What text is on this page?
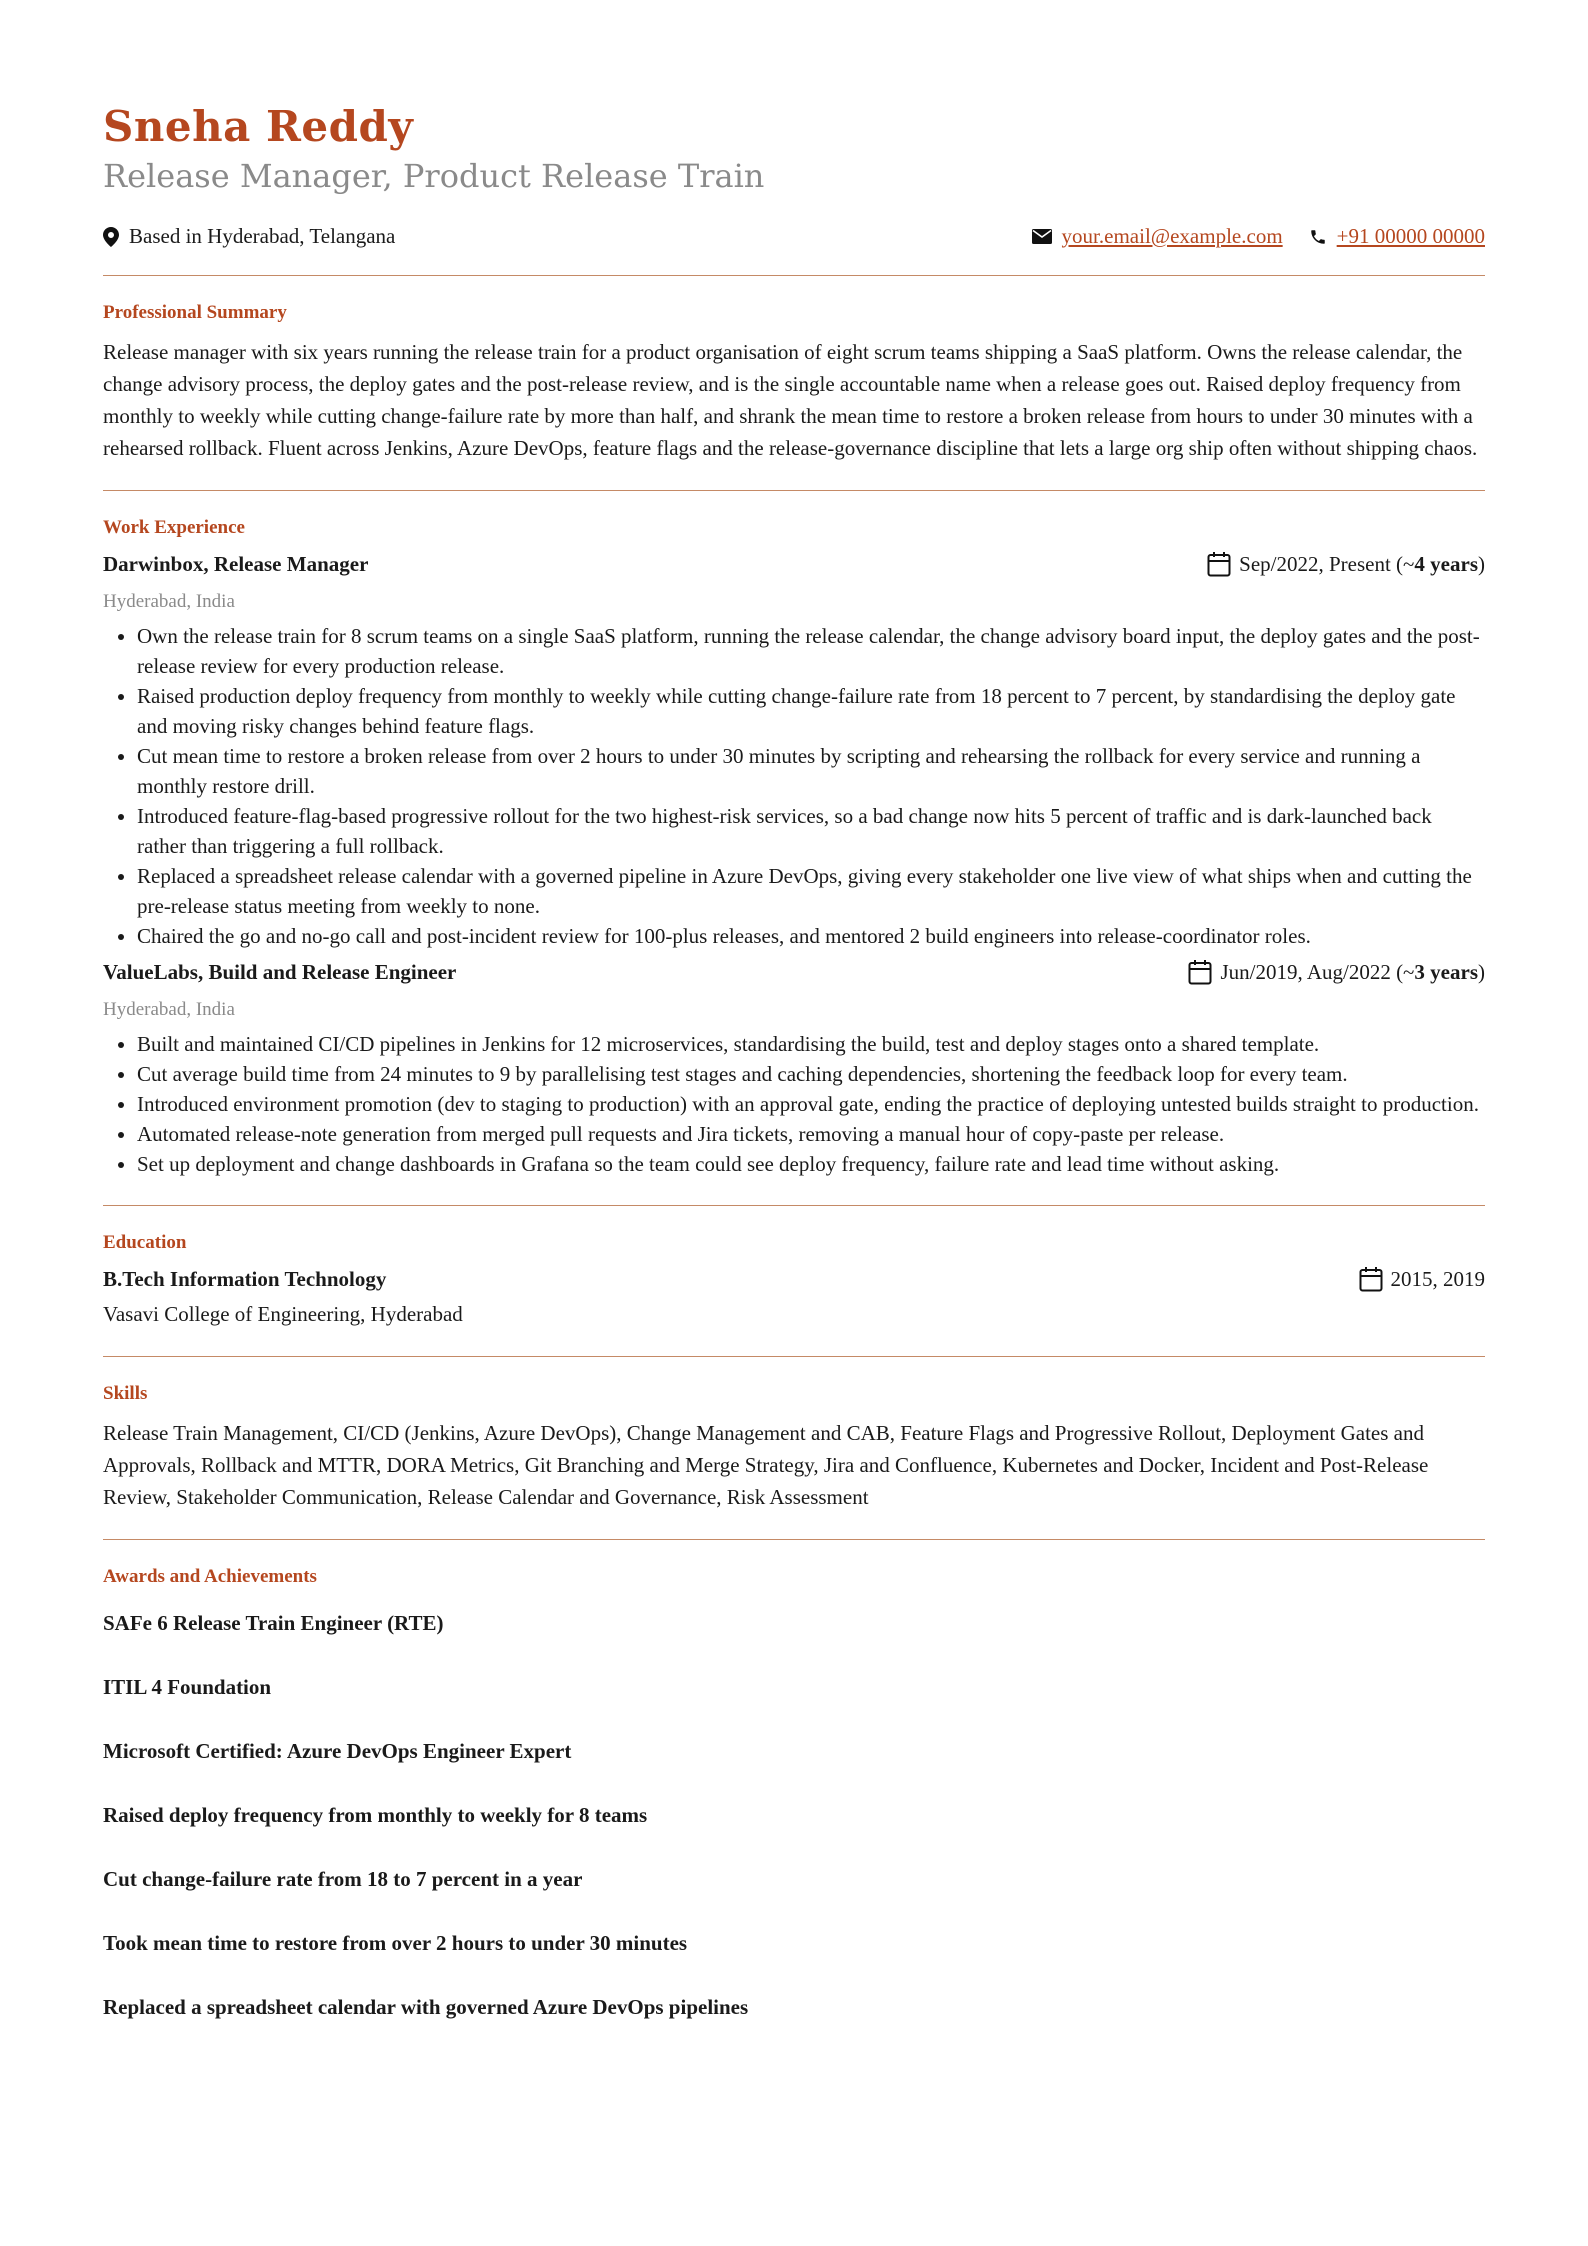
Sneha Reddy
Release Manager, Product Release Train
Based in Hyderabad, Telangana	your.email@example.com	+91 00000 00000
Professional Summary

Release manager with six years running the release train for a product organisation of eight scrum teams shipping a SaaS platform. Owns the release calendar, the change advisory process, the deploy gates and the post-release review, and is the single accountable name when a release goes out. Raised deploy frequency from monthly to weekly while cutting change-failure rate by more than half, and shrank the mean time to restore a broken release from hours to under 30 minutes with a rehearsed rollback. Fluent across Jenkins, Azure DevOps, feature flags and the release-governance discipline that lets a large org ship often without shipping chaos.

Work Experience
Darwinbox, Release Manager	Sep/2022, Present (~ 4 years )
Hyderabad, India
• Own the release train for 8 scrum teams on a single SaaS platform, running the release calendar, the change advisory board input, the deploy gates and the post-release review for every production release.
• Raised production deploy frequency from monthly to weekly while cutting change-failure rate from 18 percent to 7 percent, by standardising the deploy gate and moving risky changes behind feature flags.
• Cut mean time to restore a broken release from over 2 hours to under 30 minutes by scripting and rehearsing the rollback for every service and running a monthly restore drill.
• Introduced feature-flag-based progressive rollout for the two highest-risk services, so a bad change now hits 5 percent of traffic and is dark-launched back rather than triggering a full rollback.
• Replaced a spreadsheet release calendar with a governed pipeline in Azure DevOps, giving every stakeholder one live view of what ships when and cutting the pre-release status meeting from weekly to none.
• Chaired the go and no-go call and post-incident review for 100-plus releases, and mentored 2 build engineers into release-coordinator roles.
ValueLabs, Build and Release Engineer	Jun/2019, Aug/2022 (~ 3 years )
Hyderabad, India
• Built and maintained CI/CD pipelines in Jenkins for 12 microservices, standardising the build, test and deploy stages onto a shared template.
• Cut average build time from 24 minutes to 9 by parallelising test stages and caching dependencies, shortening the feedback loop for every team.
• Introduced environment promotion (dev to staging to production) with an approval gate, ending the practice of deploying untested builds straight to production.
• Automated release-note generation from merged pull requests and Jira tickets, removing a manual hour of copy-paste per release.
• Set up deployment and change dashboards in Grafana so the team could see deploy frequency, failure rate and lead time without asking.
Education
B.Tech Information Technology	2015, 2019
Vasavi College of Engineering, Hyderabad
Skills

Release Train Management, CI/CD (Jenkins, Azure DevOps), Change Management and CAB, Feature Flags and Progressive Rollout, Deployment Gates and Approvals, Rollback and MTTR, DORA Metrics, Git Branching and Merge Strategy, Jira and Confluence, Kubernetes and Docker, Incident and Post-Release Review, Stakeholder Communication, Release Calendar and Governance, Risk Assessment

Awards and Achievements

SAFe 6 Release Train Engineer (RTE)

ITIL 4 Foundation

Microsoft Certified: Azure DevOps Engineer Expert

Raised deploy frequency from monthly to weekly for 8 teams

Cut change-failure rate from 18 to 7 percent in a year

Took mean time to restore from over 2 hours to under 30 minutes

Replaced a spreadsheet calendar with governed Azure DevOps pipelines
